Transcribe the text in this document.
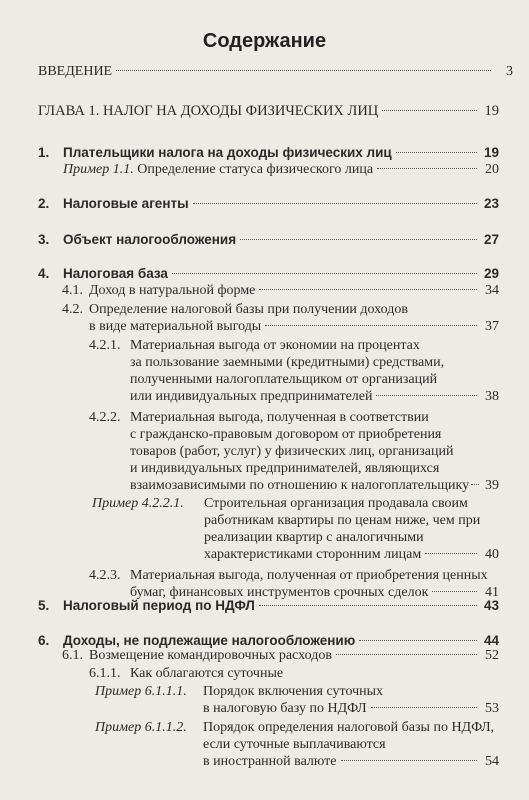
Содержание
ВВЕДЕНИЕ	3
ГЛАВА 1. НАЛОГ НА ДОХОДЫ ФИЗИЧЕСКИХ ЛИЦ	19
1.	Плательщики налога на доходы физических лиц	19
Пример 1.1. Определение статуса физического лица	20
2.	Налоговые агенты	23
3.	Объект налогообложения	27
4.	Налоговая база	29
4.1. Доход в натуральной форме	34
4.2. Определение налоговой базы при получении доходов
в виде материальной выгоды	37
4.2.1. Материальная выгода от экономии на процентах
за пользование заемными (кредитными) средствами,
полученными налогоплательщиком от организаций
или индивидуальных предпринимателей	38
4.2.2. Материальная выгода, полученная в соответствии
с гражданско-правовым договором от приобретения
товаров (работ, услуг) у физических лиц, организаций
и индивидуальных предпринимателей, являющихся
взаимозависимыми по отношению к налогоплательщику 39
Пример 4.2.2.1. Строительная организация продавала своим
работникам квартиры по ценам ниже, чем при
реализации квартир с аналогичными
характеристиками сторонним лицам	40
4.2.3. Материальная выгода, полученная от приобретения ценных
бумаг, финансовых инструментов срочных сделок	41
5.	Налоговый период по НДФЛ	43
6.	Доходы, не подлежащие налогообложению	44
6.1. Возмещение командировочных расходов	52
6.1.1. Как облагаются суточные
Пример 6.1.1.1. Порядок включения суточных
в налоговую базу по НДФЛ	53
Пример 6.1.1.2. Порядок определения налоговой базы по НДФЛ,
если суточные выплачиваются
в иностранной валюте	54
